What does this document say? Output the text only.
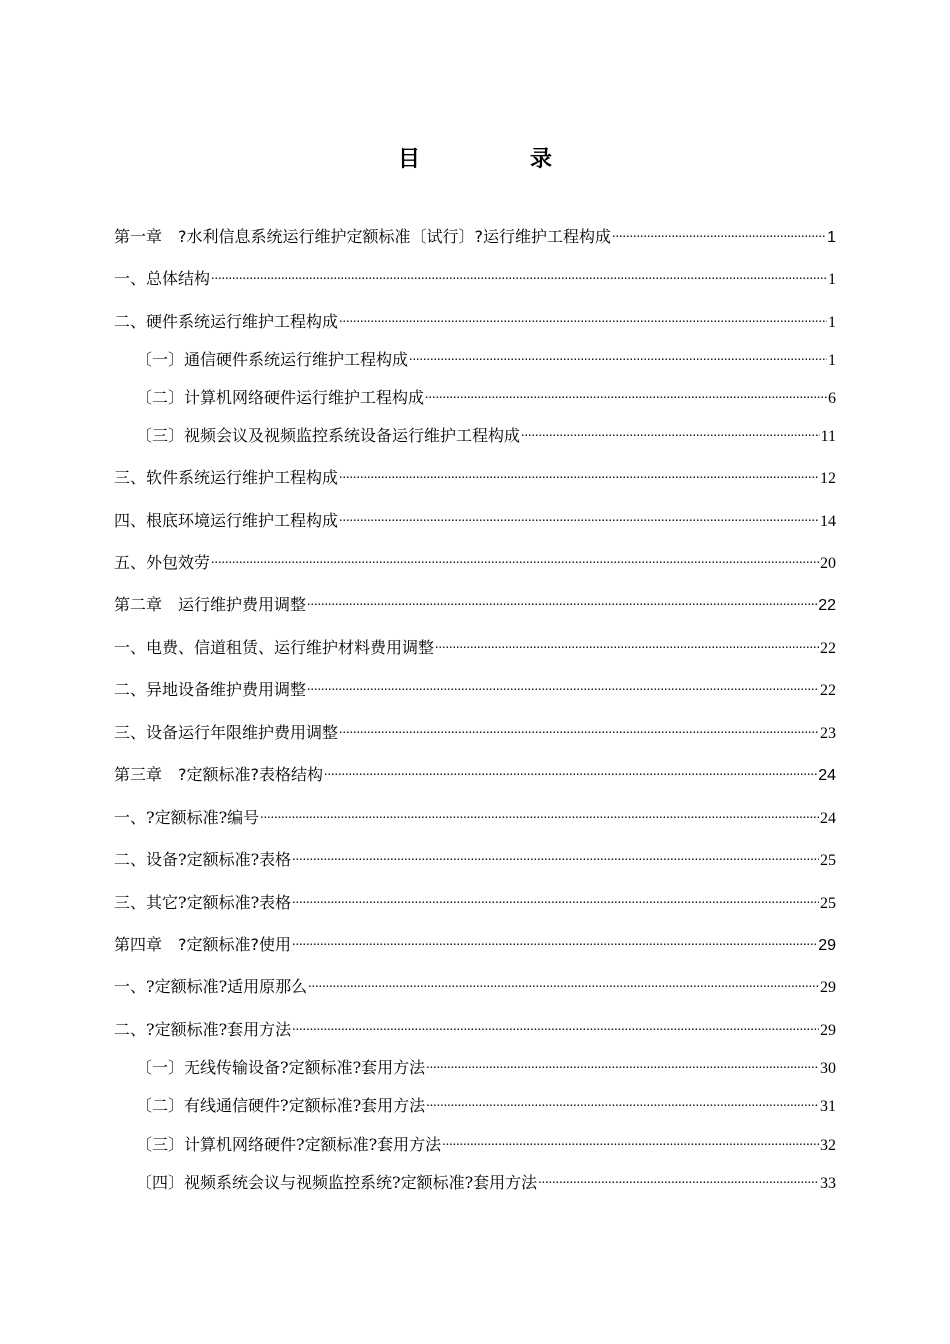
目　录
第一章　?水利信息系统运行维护定额标准〔试行〕?运行维护工程构成 .....	1
一、总体结构 .....	1
二、硬件系统运行维护工程构成 .....	1
〔一〕通信硬件系统运行维护工程构成 .....	1
〔二〕计算机网络硬件运行维护工程构成 .....	6
〔三〕视频会议及视频监控系统设备运行维护工程构成 .....	11
三、软件系统运行维护工程构成 .....	12
四、根底环境运行维护工程构成 .....	14
五、外包效劳 .....	20
第二章　运行维护费用调整 .....	22
一、电费、信道租赁、运行维护材料费用调整 .....	22
二、异地设备维护费用调整 .....	22
三、设备运行年限维护费用调整 .....	23
第三章　?定额标准?表格结构 .....	24
一、?定额标准?编号 .....	24
二、设备?定额标准?表格 .....	25
三、其它?定额标准?表格 .....	25
第四章　?定额标准?使用 .....	29
一、?定额标准?适用原那么 .....	29
二、?定额标准?套用方法 .....	29
〔一〕无线传输设备?定额标准?套用方法 .....	30
〔二〕有线通信硬件?定额标准?套用方法 .....	31
〔三〕计算机网络硬件?定额标准?套用方法 .....	32
〔四〕视频系统会议与视频监控系统?定额标准?套用方法 .....	33
